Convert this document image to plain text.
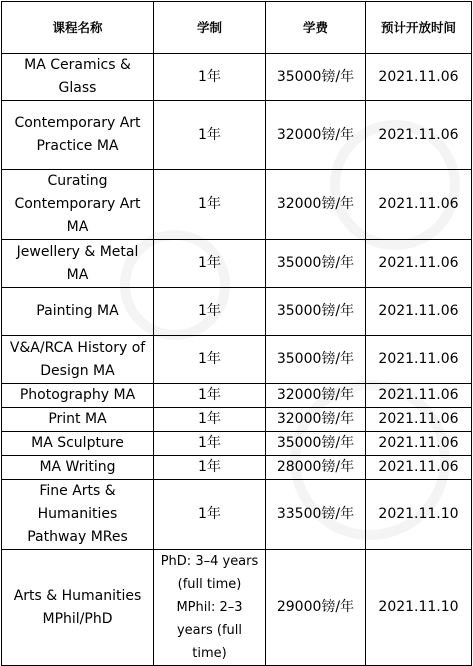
课程名称	学制	学费	预计开放时间
MA Ceramics & Glass	1年	35000镑/年	2021.11.06
Contemporary Art Practice MA	1年	32000镑/年	2021.11.06
Curating Contemporary Art MA	1年	32000镑/年	2021.11.06
Jewellery & Metal MA	1年	35000镑/年	2021.11.06
Painting MA	1年	35000镑/年	2021.11.06
V&A/RCA History of Design MA	1年	35000镑/年	2021.11.06
Photography MA	1年	32000镑/年	2021.11.06
Print MA	1年	32000镑/年	2021.11.06
MA Sculpture	1年	35000镑/年	2021.11.06
MA Writing	1年	28000镑/年	2021.11.06
Fine Arts & Humanities Pathway MRes	1年	33500镑/年	2021.11.10
Arts & Humanities MPhil/PhD	PhD: 3–4 years (full time) MPhil: 2–3 years (full time)	29000镑/年	2021.11.10
